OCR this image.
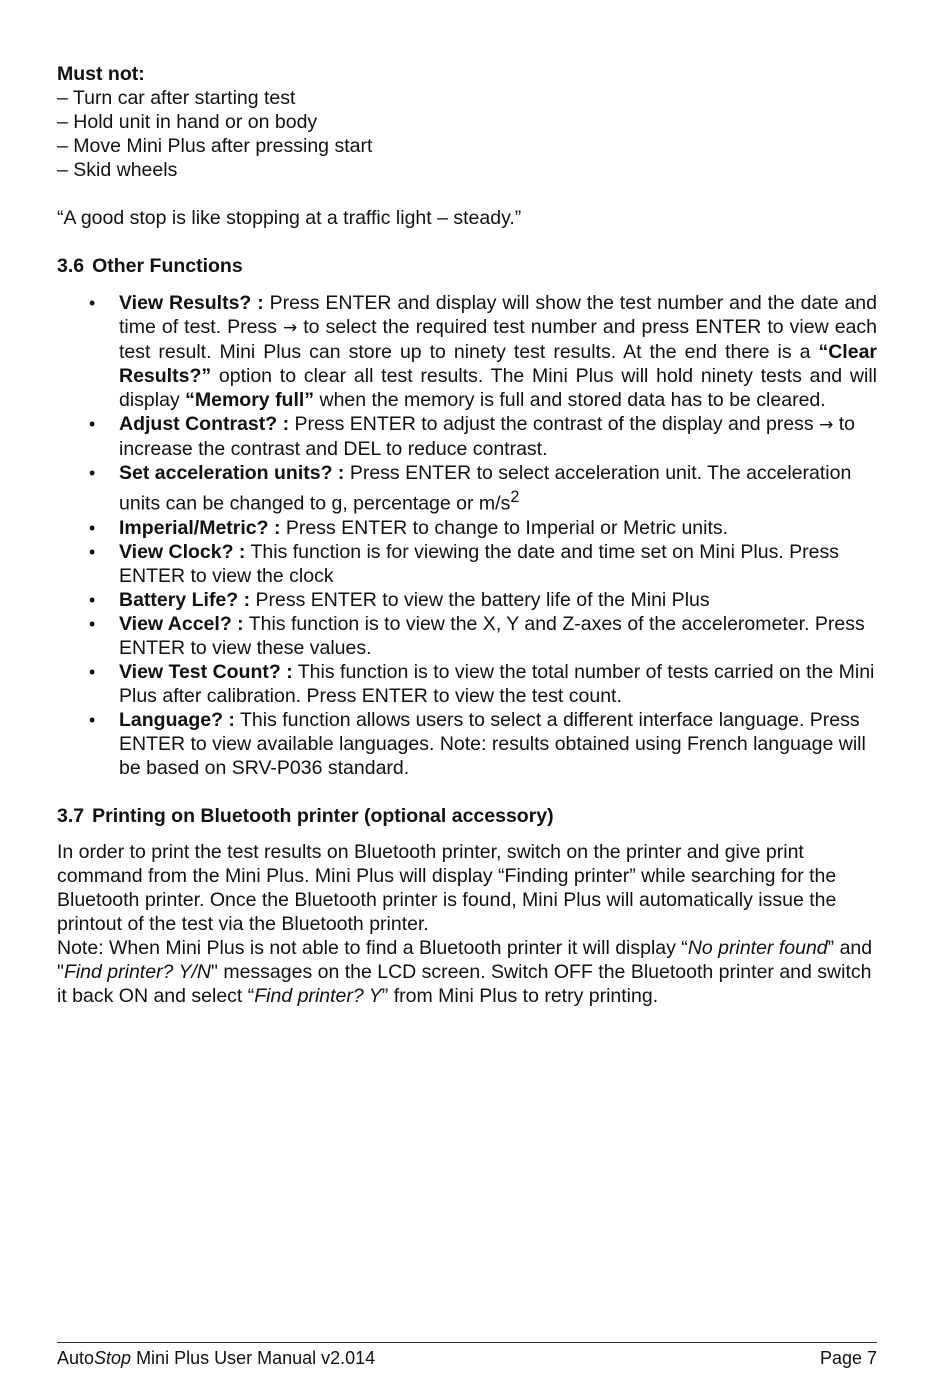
Must not:

– Turn car after starting test
– Hold unit in hand or on body
– Move Mini Plus after pressing start
– Skid wheels

“A good stop is like stopping at a traffic light – steady.”

3.6 Other Functions

• View Results? : Press ENTER and display will show the test number and the date and time of test. Press → to select the required test number and press ENTER to view each test result. Mini Plus can store up to ninety test results. At the end there is a “Clear Results?” option to clear all test results. The Mini Plus will hold ninety tests and will display “Memory full” when the memory is full and stored data has to be cleared.
• Adjust Contrast? : Press ENTER to adjust the contrast of the display and press → to increase the contrast and DEL to reduce contrast.
• Set acceleration units? : Press ENTER to select acceleration unit. The acceleration units can be changed to g, percentage or $m/s^2$
• Imperial/Metric? : Press ENTER to change to Imperial or Metric units.
• View Clock? : This function is for viewing the date and time set on Mini Plus. Press ENTER to view the clock
• Battery Life? : Press ENTER to view the battery life of the Mini Plus
• View Accel? : This function is to view the X, Y and Z-axes of the accelerometer. Press ENTER to view these values.
• View Test Count? : This function is to view the total number of tests carried on the Mini Plus after calibration. Press ENTER to view the test count.
• Language? : This function allows users to select a different interface language. Press ENTER to view available languages. Note: results obtained using French language will be based on SRV-P036 standard.

3.7 Printing on Bluetooth printer (optional accessory)

In order to print the test results on Bluetooth printer, switch on the printer and give print command from the Mini Plus. Mini Plus will display “Finding printer” while searching for the Bluetooth printer. Once the Bluetooth printer is found, Mini Plus will automatically issue the printout of the test via the Bluetooth printer.

Note: When Mini Plus is not able to find a Bluetooth printer it will display “No printer found” and "Find printer? Y/N" messages on the LCD screen. Switch OFF the Bluetooth printer and switch it back ON and select “Find printer? Y” from Mini Plus to retry printing.

AutoStop Mini Plus User Manual v2.014	Page 7
